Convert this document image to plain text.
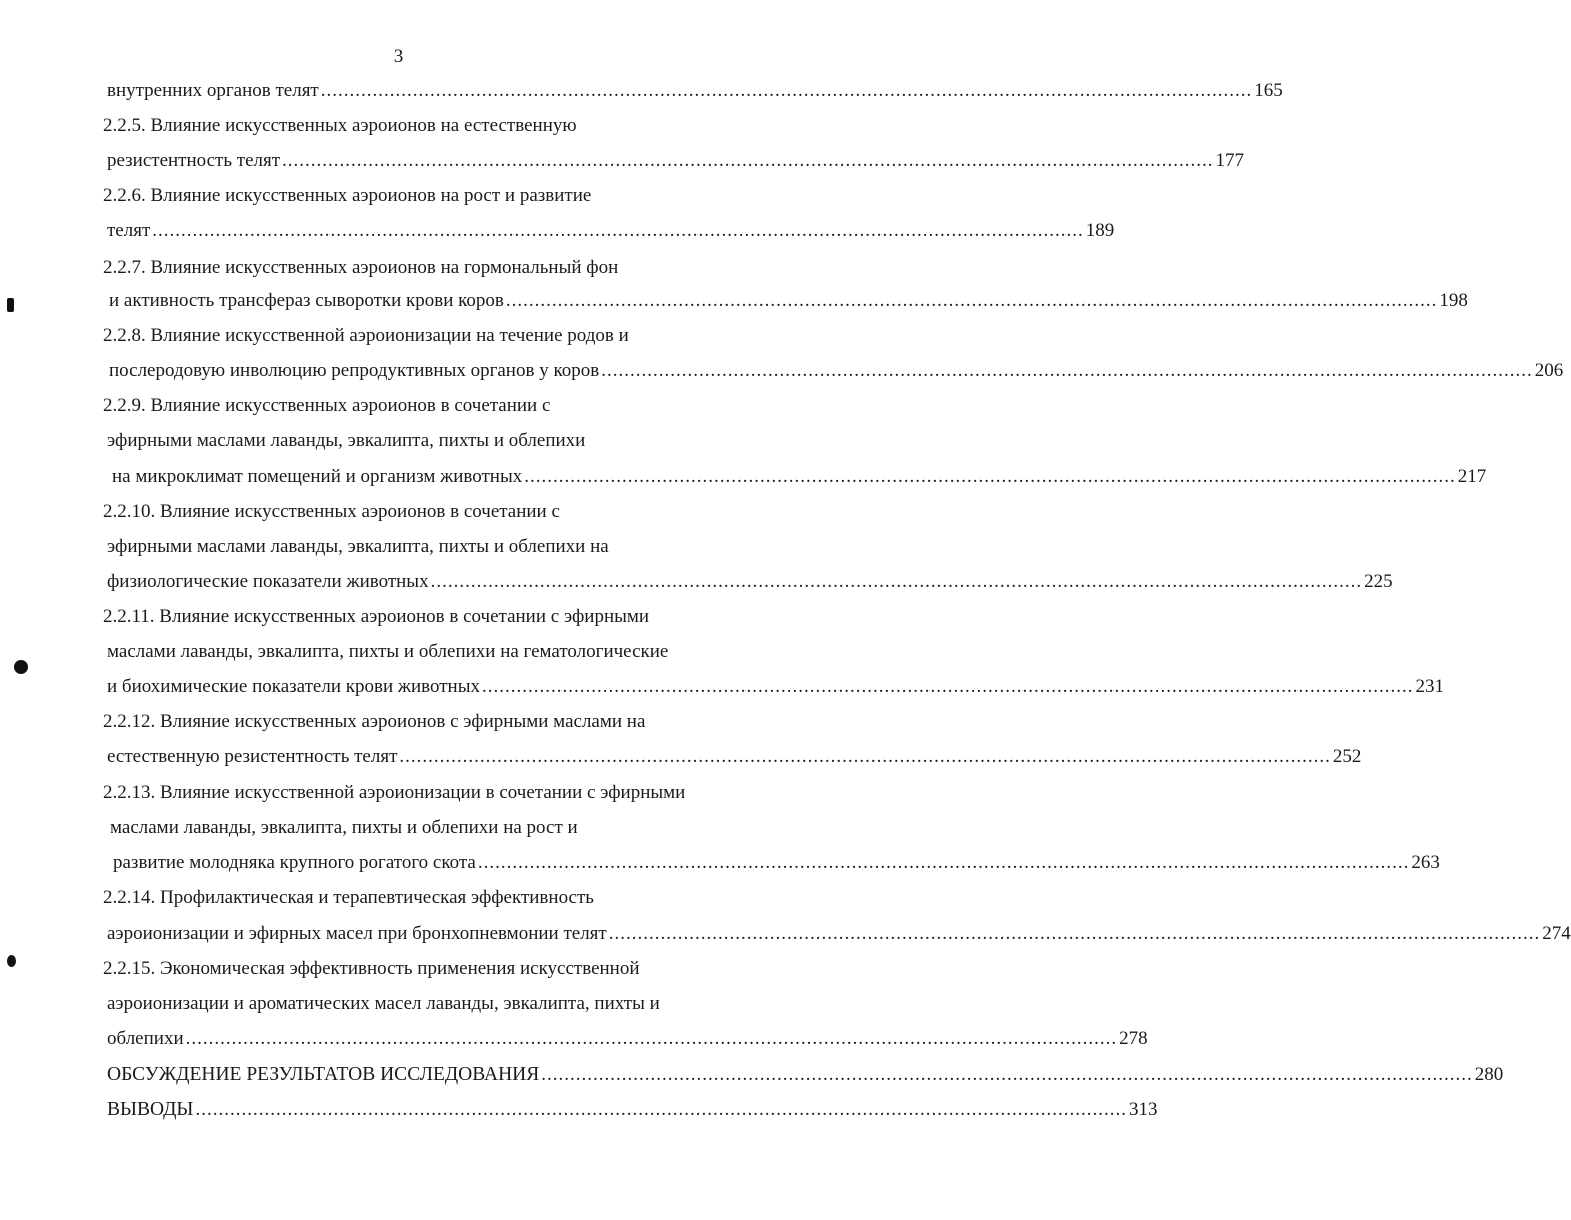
3
внутренних органов телят .................................................................................................................................................................. 165
2.2.5. Влияние искусственных аэроионов на естественную
резистентность телят .................................................................................................................................................................. 177
2.2.6. Влияние искусственных аэроионов на рост и развитие
телят .................................................................................................................................................................. 189
2.2.7. Влияние искусственных аэроионов на гормональный фон
и активность трансфераз сыворотки крови коров .................................................................................................................................................................. 198
2.2.8. Влияние искусственной аэроионизации на течение родов и
послеродовую инволюцию репродуктивных органов у коров .................................................................................................................................................................. 206
2.2.9. Влияние искусственных аэроионов в сочетании с
эфирными маслами лаванды, эвкалипта, пихты и облепихи
на микроклимат помещений и организм животных .................................................................................................................................................................. 217
2.2.10. Влияние искусственных аэроионов в сочетании с
эфирными маслами лаванды, эвкалипта, пихты и облепихи на
физиологические показатели животных .................................................................................................................................................................. 225
2.2.11. Влияние искусственных аэроионов в сочетании с эфирными
маслами лаванды, эвкалипта, пихты и облепихи на гематологические
и биохимические показатели крови животных .................................................................................................................................................................. 231
2.2.12. Влияние искусственных аэроионов с эфирными маслами на
естественную резистентность телят .................................................................................................................................................................. 252
2.2.13. Влияние искусственной аэроионизации в сочетании с эфирными
маслами лаванды, эвкалипта, пихты и облепихи на рост и
развитие молодняка крупного рогатого скота .................................................................................................................................................................. 263
2.2.14. Профилактическая и терапевтическая эффективность
аэроионизации и эфирных масел при бронхопневмонии телят .................................................................................................................................................................. 274
2.2.15. Экономическая эффективность применения искусственной
аэроионизации и ароматических масел лаванды, эвкалипта, пихты и
облепихи .................................................................................................................................................................. 278
ОБСУЖДЕНИЕ РЕЗУЛЬТАТОВ ИССЛЕДОВАНИЯ .................................................................................................................................................................. 280
ВЫВОДЫ .................................................................................................................................................................. 313
